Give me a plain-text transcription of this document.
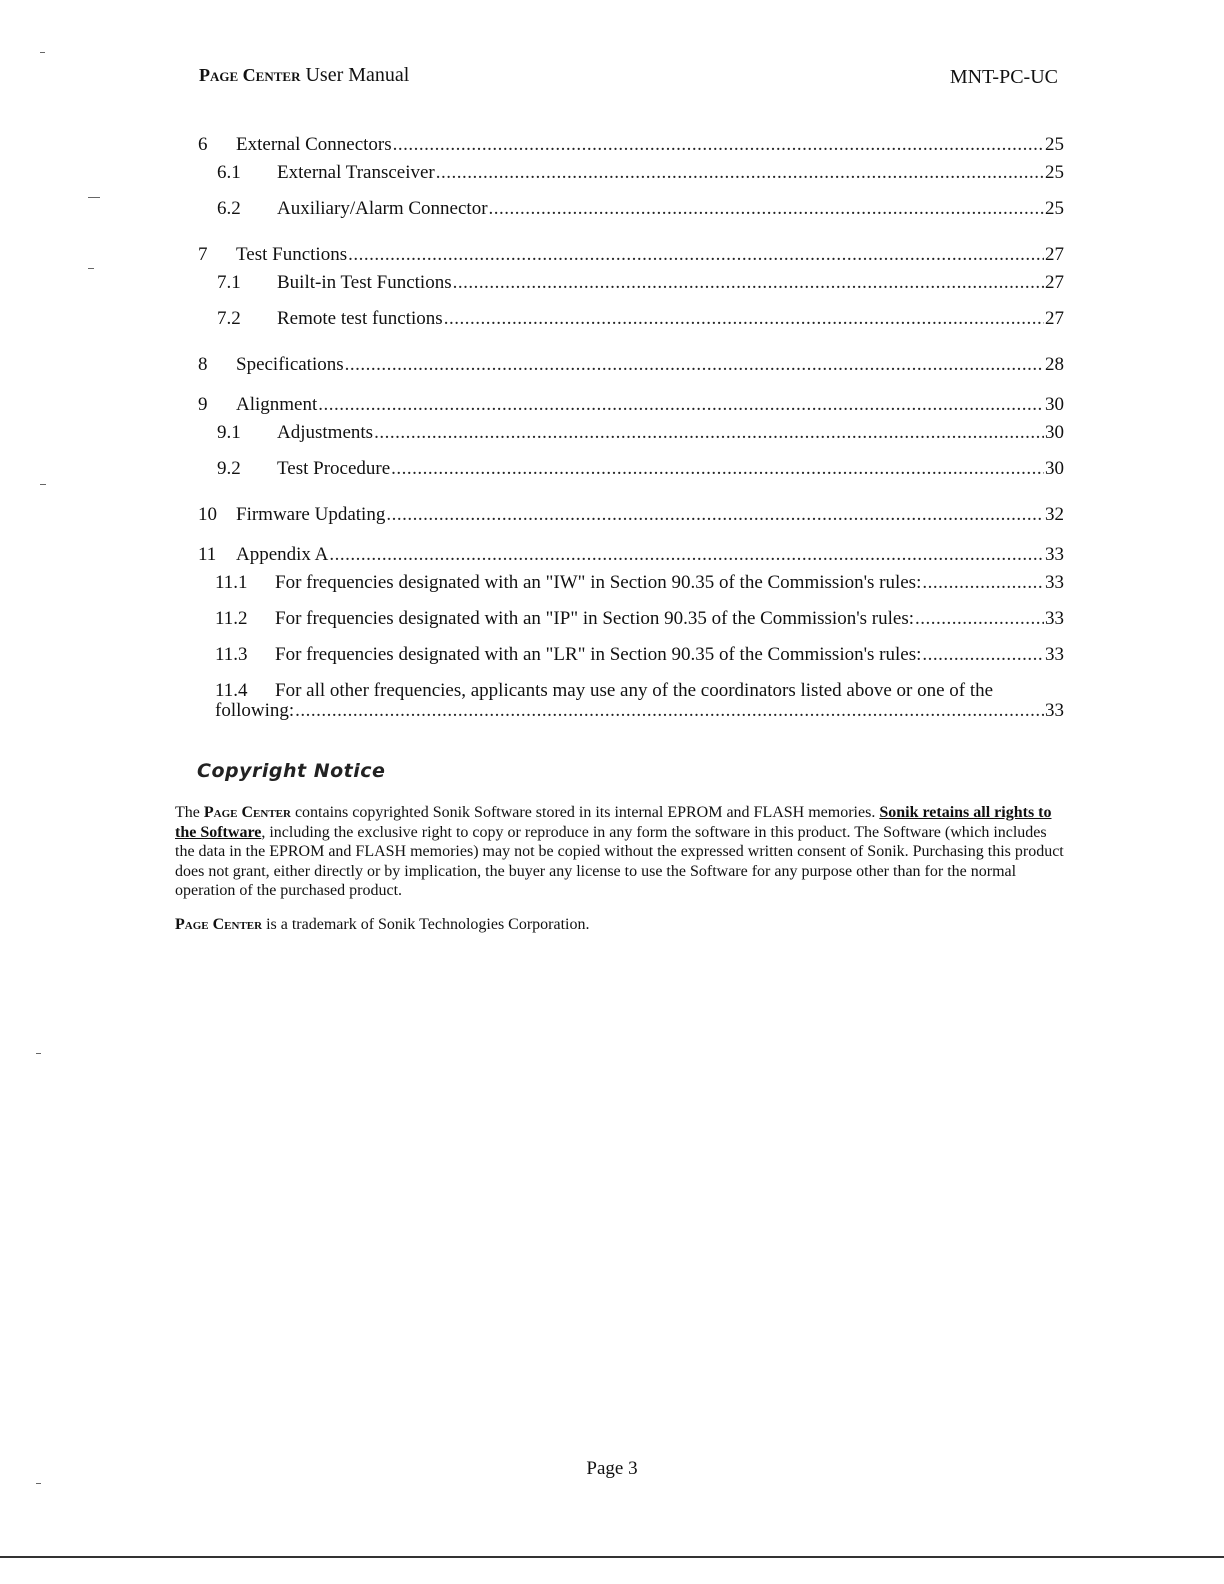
Page Center User Manual	MNT-PC-UC
6	External Connectors .....	25
6.1	External Transceiver .....	25
6.2	Auxiliary/Alarm Connector .....	25
7	Test Functions .....	27
7.1	Built-in Test Functions .....	27
7.2	Remote test functions .....	27
8	Specifications .....	28
9	Alignment .....	30
9.1	Adjustments .....	30
9.2	Test Procedure .....	30
10	Firmware Updating .....	32
11	Appendix A .....	33
11.1	For frequencies designated with an "IW" in Section 90.35 of the Commission's rules: .....	33
11.2	For frequencies designated with an "IP" in Section 90.35 of the Commission's rules: .....	33
11.3	For frequencies designated with an "LR" in Section 90.35 of the Commission's rules: .....	33
11.4 For all other frequencies, applicants may use any of the coordinators listed above or one of the
following: .....	33
Copyright Notice
The Page Center contains copyrighted Sonik Software stored in its internal EPROM and FLASH memories. Sonik retains all rights to the Software, including the exclusive right to copy or reproduce in any form the software in this product. The Software (which includes the data in the EPROM and FLASH memories) may not be copied without the expressed written consent of Sonik. Purchasing this product does not grant, either directly or by implication, the buyer any license to use the Software for any purpose other than for the normal operation of the purchased product.
Page Center is a trademark of Sonik Technologies Corporation.
Page 3
